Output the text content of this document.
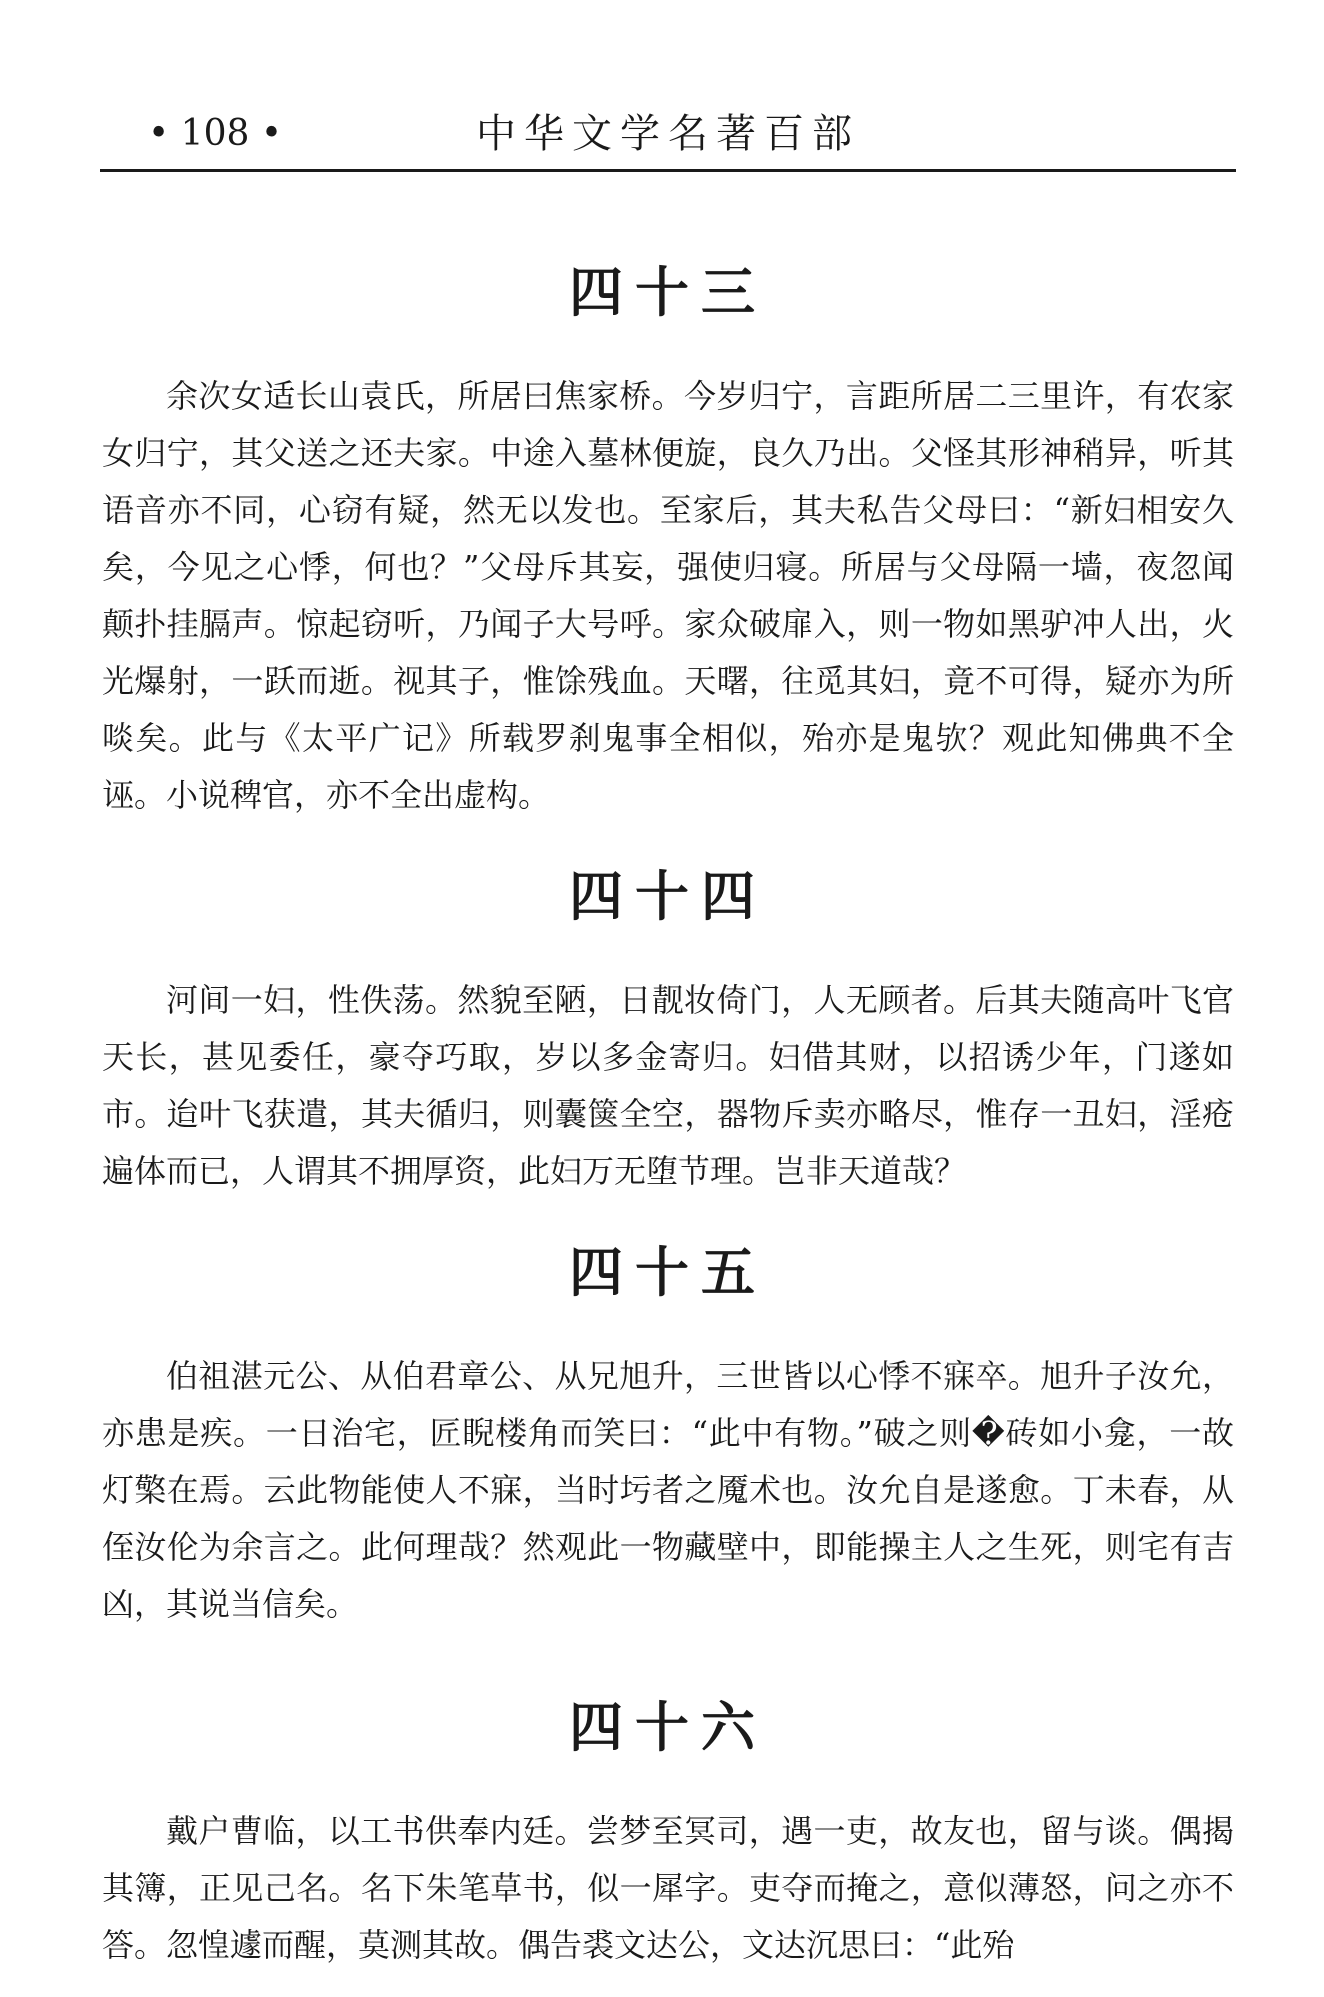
• 108 •	中华文学名著百部
四十三

余次女适长山袁氏，所居曰焦家桥。今岁归宁，言距所居二三里许，有农家女归宁，其父送之还夫家。中途入墓林便旋，良久乃出。父怪其形神稍异，听其语音亦不同，心窃有疑，然无以发也。至家后，其夫私告父母曰：“新妇相安久矣，今见之心悸，何也？”父母斥其妄，强使归寝。所居与父母隔一墙，夜忽闻颠扑挂膈声。惊起窃听，乃闻子大号呼。家众破扉入，则一物如黑驴冲人出，火光爆射，一跃而逝。视其子，惟馀残血。天曙，往觅其妇，竟不可得，疑亦为所啖矣。此与《太平广记》所载罗刹鬼事全相似，殆亦是鬼欤？观此知佛典不全诬。小说稗官，亦不全出虚构。

四十四

河间一妇，性佚荡。然貌至陋，日靓妆倚门，人无顾者。后其夫随高叶飞官天长，甚见委任，豪夺巧取，岁以多金寄归。妇借其财，以招诱少年，门遂如市。迨叶飞获遣，其夫循归，则囊箧全空，器物斥卖亦略尽，惟存一丑妇，淫疮遍体而已，人谓其不拥厚资，此妇万无堕节理。岂非天道哉？

四十五

伯祖湛元公、从伯君章公、从兄旭升，三世皆以心悸不寐卒。旭升子汝允，亦患是疾。一日治宅，匠睨楼角而笑曰：“此中有物。”破之则�砖如小龛，一故灯檠在焉。云此物能使人不寐，当时圬者之魇术也。汝允自是遂愈。丁未春，从侄汝伦为余言之。此何理哉？然观此一物藏壁中，即能操主人之生死，则宅有吉凶，其说当信矣。

四十六

戴户曹临，以工书供奉内廷。尝梦至冥司，遇一吏，故友也，留与谈。偶揭其簿，正见己名。名下朱笔草书，似一犀字。吏夺而掩之，意似薄怒，问之亦不答。忽惶遽而醒，莫测其故。偶告裘文达公，文达沉思曰：“此殆
